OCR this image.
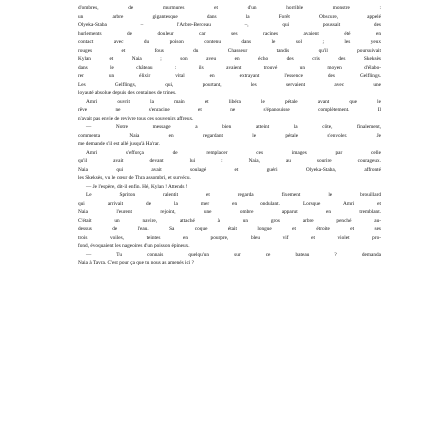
d'ombres, de murmures et d'un horrible monstre :
un arbre gigantesque dans la Forêt Obscure, appelé
Olyeka-Staba – l'Arbre-Berceau –, qui poussait des
hurlements de douleur car ses racines avaient été en
contact avec du poison contenu dans le sol ; les yeux
rouges et fous du Chasseur tandis qu'il poursuivait
Kylan et Naia ; son aveu en écho des cris des Skeksès
dans le château : ils avaient trouvé un moyen d'élabo-
rer un élixir vital en extrayant l'essence des Gelflings.
Les Gelflings, qui, pourtant, les servaient avec une
loyauté absolue depuis des centaines de trines.
Amri ouvrit la main et libéra le pétale avant que le
rêve ne s'enracine et ne s'épanouisse complètement. Il
n'avait pas envie de revivre tous ces souvenirs affreux.
— Notre message a bien atteint la côte, finalement,
commenta Naia en regardant le pétale s'envoler. Je
me demande s'il est allé jusqu'à Ha'rar.
Amri s'efforça de remplacer ces images par celle
qu'il avait devant lui : Naia, au sourire courageux.
Naia qui avait soulagé et guéri Olyeka-Staba, affronté
les Skeksès, vu le cœur de Thra assombri, et survécu.
— Je l'espère, dit-il enfin. Hé, Kylan ! Attends !
Le Spriton ralentit et regarda fixement le brouillard
qui arrivait de la mer en ondulant. Lorsque Amri et
Naia l'eurent rejoint, une ombre apparut en tremblant.
C'était un navire, attaché à un gros arbre penché au-
dessus de l'eau. Sa coque était longue et étroite et ses
trois voiles, teintes en pourpre, bleu vif et violet pro-
fond, évoquaient les nageoires d'un poisson épineux.
— Tu connais quelqu'un sur ce bateau ? demanda
Naia à Tavra. C'est pour ça que tu nous as amenés ici ?
